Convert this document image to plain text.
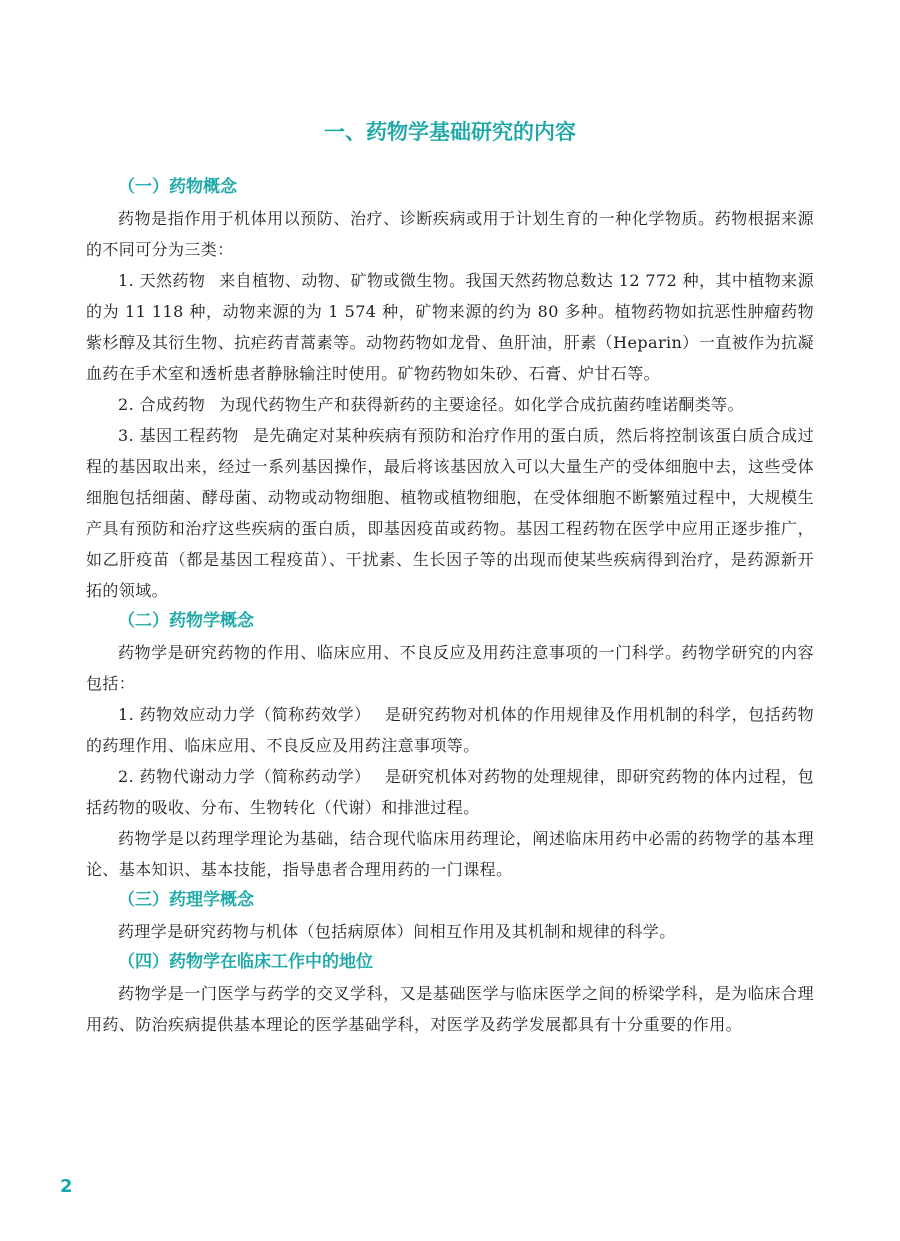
一、药物学基础研究的内容
（一）药物概念

药物是指作用于机体用以预防、治疗、诊断疾病或用于计划生育的一种化学物质。药物根据来源的不同可分为三类：

1. 天然药物 来自植物、动物、矿物或微生物。我国天然药物总数达 12 772 种，其中植物来源的为 11 118 种，动物来源的为 1 574 种，矿物来源的约为 80 多种。植物药物如抗恶性肿瘤药物紫杉醇及其衍生物、抗疟药青蒿素等。动物药物如龙骨、鱼肝油，肝素（Heparin）一直被作为抗凝血药在手术室和透析患者静脉输注时使用。矿物药物如朱砂、石膏、炉甘石等。

2. 合成药物 为现代药物生产和获得新药的主要途径。如化学合成抗菌药喹诺酮类等。

3. 基因工程药物 是先确定对某种疾病有预防和治疗作用的蛋白质，然后将控制该蛋白质合成过程的基因取出来，经过一系列基因操作，最后将该基因放入可以大量生产的受体细胞中去，这些受体细胞包括细菌、酵母菌、动物或动物细胞、植物或植物细胞，在受体细胞不断繁殖过程中，大规模生产具有预防和治疗这些疾病的蛋白质，即基因疫苗或药物。基因工程药物在医学中应用正逐步推广，如乙肝疫苗（都是基因工程疫苗）、干扰素、生长因子等的出现而使某些疾病得到治疗，是药源新开拓的领域。

（二）药物学概念

药物学是研究药物的作用、临床应用、不良反应及用药注意事项的一门科学。药物学研究的内容包括：

1. 药物效应动力学（简称药效学） 是研究药物对机体的作用规律及作用机制的科学，包括药物的药理作用、临床应用、不良反应及用药注意事项等。

2. 药物代谢动力学（简称药动学） 是研究机体对药物的处理规律，即研究药物的体内过程，包括药物的吸收、分布、生物转化（代谢）和排泄过程。

药物学是以药理学理论为基础，结合现代临床用药理论，阐述临床用药中必需的药物学的基本理论、基本知识、基本技能，指导患者合理用药的一门课程。

（三）药理学概念

药理学是研究药物与机体（包括病原体）间相互作用及其机制和规律的科学。

（四）药物学在临床工作中的地位

药物学是一门医学与药学的交叉学科，又是基础医学与临床医学之间的桥梁学科，是为临床合理用药、防治疾病提供基本理论的医学基础学科，对医学及药学发展都具有十分重要的作用。

2
